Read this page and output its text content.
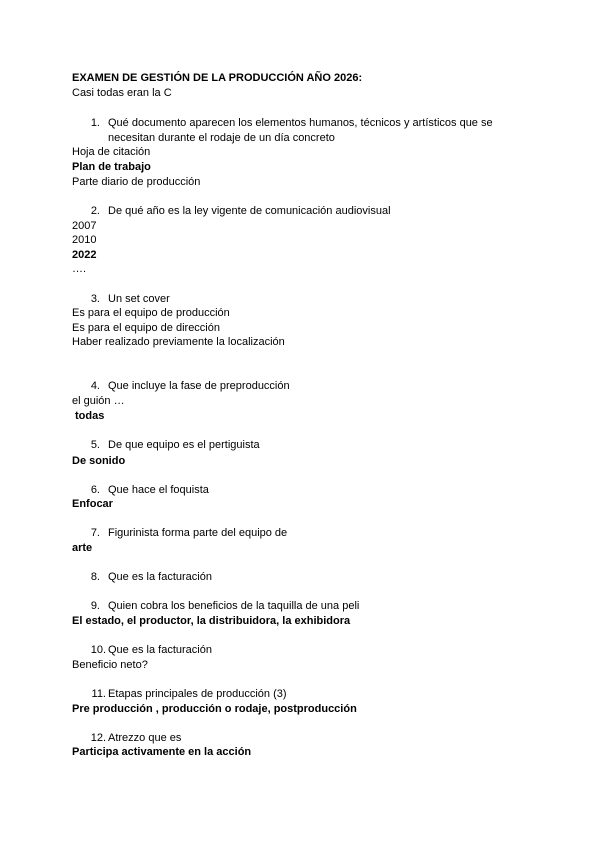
EXAMEN DE GESTIÓN DE LA PRODUCCIÓN AÑO 2026:
Casi todas eran la C
1. Qué documento aparecen los elementos humanos, técnicos y artísticos que se
necesitan durante el rodaje de un día concreto
Hoja de citación
Plan de trabajo
Parte diario de producción
2. De qué año es la ley vigente de comunicación audiovisual
2007
2010
2022
….
3. Un set cover
Es para el equipo de producción
Es para el equipo de dirección
Haber realizado previamente la localización
4. Que incluye la fase de preproducción
el guión …
todas
5. De que equipo es el pertiguista
De sonido
6. Que hace el foquista
Enfocar
7. Figurinista forma parte del equipo de
arte
8. Que es la facturación
9. Quien cobra los beneficios de la taquilla de una peli
El estado, el productor, la distribuidora, la exhibidora
10. Que es la facturación
Beneficio neto?
11. Etapas principales de producción (3)
Pre producción , producción o rodaje, postproducción
12. Atrezzo que es
Participa activamente en la acción
